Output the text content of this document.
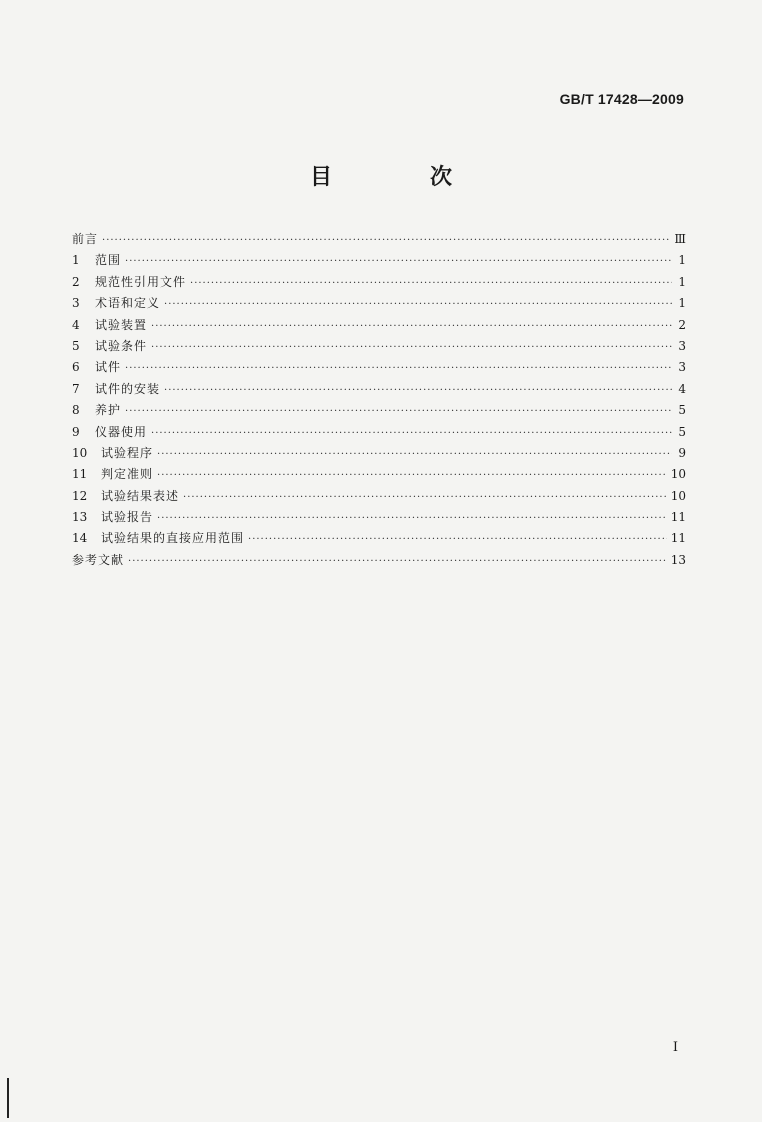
GB/T 17428—2009
目　次
前言 ·····	Ⅲ
1	范围 ·····	1
2	规范性引用文件 ·····	1
3	术语和定义 ·····	1
4	试验装置 ·····	2
5	试验条件 ·····	3
6	试件 ·····	3
7	试件的安装 ·····	4
8	养护 ·····	5
9	仪器使用 ·····	5
10	试验程序 ·····	9
11	判定准则 ·····	10
12	试验结果表述 ·····	10
13	试验报告 ·····	11
14	试验结果的直接应用范围 ·····	11
参考文献 ·····	13
I
